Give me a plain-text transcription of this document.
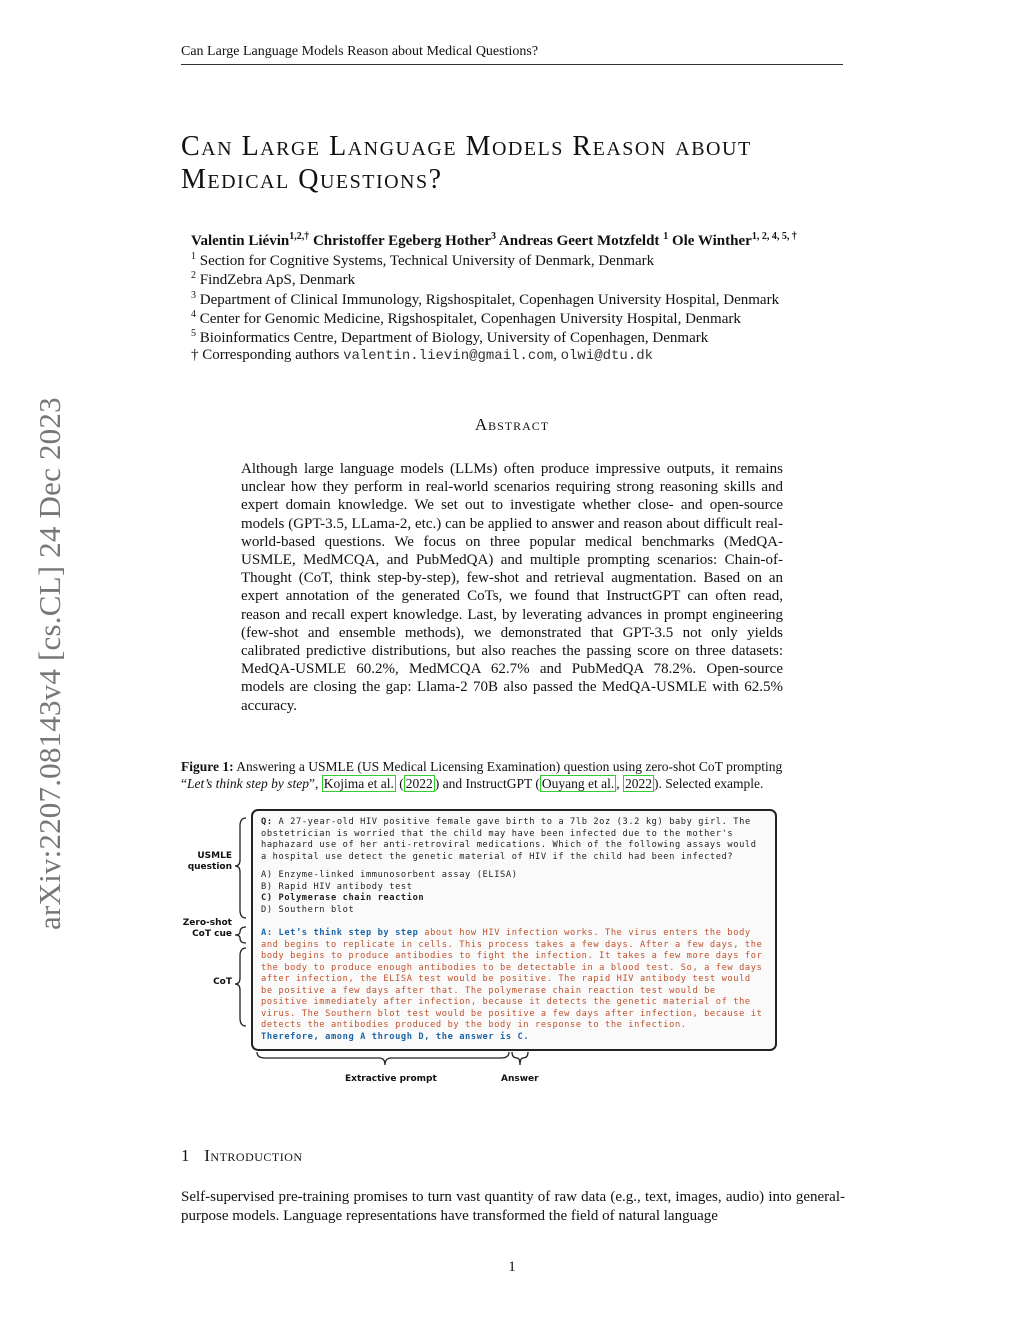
Can Large Language Models Reason about Medical Questions?
arXiv:2207.08143v4 [cs.CL] 24 Dec 2023
Can Large Language Models Reason about Medical Questions?
Valentin Liévin$^{1,2,\dagger}$ Christoffer Egeberg Hother$^3$ Andreas Geert Motzfeldt $^1$ Ole Winther$^{1, 2, 4, 5, \dagger}$
$^1$ Section for Cognitive Systems, Technical University of Denmark, Denmark
$^2$ FindZebra ApS, Denmark
$^3$ Department of Clinical Immunology, Rigshospitalet, Copenhagen University Hospital, Denmark
$^4$ Center for Genomic Medicine, Rigshospitalet, Copenhagen University Hospital, Denmark
$^5$ Bioinformatics Centre, Department of Biology, University of Copenhagen, Denmark
† Corresponding authors valentin.lievin@gmail.com, olwi@dtu.dk
Abstract
Although large language models (LLMs) often produce impressive outputs, it remains unclear how they perform in real-world scenarios requiring strong reasoning skills and expert domain knowledge. We set out to investigate whether close- and open-source models (GPT-3.5, LLama-2, etc.) can be applied to answer and reason about difficult real-world-based questions. We focus on three popular medical benchmarks (MedQA-USMLE, MedMCQA, and PubMedQA) and multiple prompting scenarios: Chain-of-Thought (CoT, think step-by-step), few-shot and retrieval augmentation. Based on an expert annotation of the generated CoTs, we found that InstructGPT can often read, reason and recall expert knowledge. Last, by leverating advances in prompt engineering (few-shot and ensemble methods), we demonstrated that GPT-3.5 not only yields calibrated predictive distributions, but also reaches the passing score on three datasets: MedQA-USMLE 60.2%, MedMCQA 62.7% and PubMedQA 78.2%. Open-source models are closing the gap: Llama-2 70B also passed the MedQA-USMLE with 62.5% accuracy.
Figure 1: Answering a USMLE (US Medical Licensing Examination) question using zero-shot CoT prompting
“Let’s think step by step”, Kojima et al. ( 2022 ) and InstructGPT ( Ouyang et al. , 2022 ). Selected example.
USMLE
question
Zero-shot
CoT cue
CoT
Q: A 27-year-old HIV positive female gave birth to a 7lb 2oz (3.2 kg) baby girl. The
obstetrician is worried that the child may have been infected due to the mother's
haphazard use of her anti-retroviral medications. Which of the following assays would
a hospital use detect the genetic material of HIV if the child had been infected?
A) Enzyme-linked immunosorbent assay (ELISA)
B) Rapid HIV antibody test
C) Polymerase chain reaction
D) Southern blot
A: Let’s think step by step about how HIV infection works. The virus enters the body
and begins to replicate in cells. This process takes a few days. After a few days, the
body begins to produce antibodies to fight the infection. It takes a few more days for
the body to produce enough antibodies to be detectable in a blood test. So, a few days
after infection, the ELISA test would be positive. The rapid HIV antibody test would
be positive a few days after that. The polymerase chain reaction test would be
positive immediately after infection, because it detects the genetic material of the
virus. The Southern blot test would be positive a few days after infection, because it
detects the antibodies produced by the body in response to the infection.
Therefore, among A through D, the answer is C.
Extractive prompt	Answer
1 Introduction
Self-supervised pre-training promises to turn vast quantity of raw data (e.g., text, images, audio) into general-purpose models. Language representations have transformed the field of natural language
1
